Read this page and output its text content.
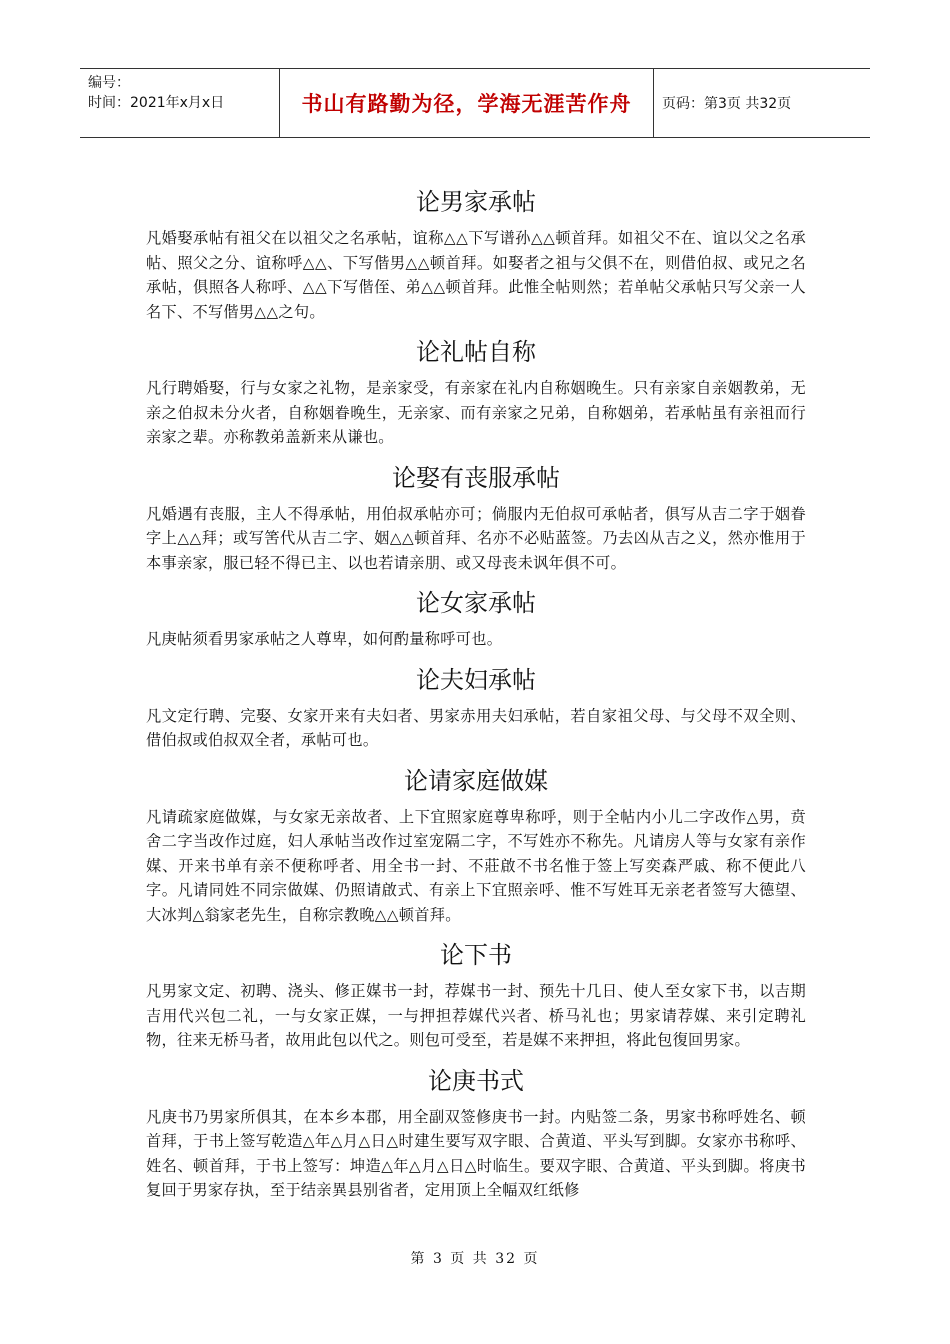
编号：
时间：2021年x月x日	书山有路勤为径，学海无涯苦作舟	页码：第3页 共32页
论男家承帖

凡婚娶承帖有祖父在以祖父之名承帖，谊称△△下写谱孙△△顿首拜。如祖父不在、谊以父之名承帖、照父之分、谊称呼△△、下写偕男△△顿首拜。如娶者之祖与父俱不在，则借伯叔、或兄之名承帖，俱照各人称呼、△△下写偕侄、弟△△顿首拜。此惟全帖则然；若单帖父承帖只写父亲一人名下、不写偕男△△之句。

论礼帖自称

凡行聘婚娶，行与女家之礼物，是亲家受，有亲家在礼内自称姻晚生。只有亲家自亲姻教弟，无亲之伯叔未分火者，自称姻眷晚生，无亲家、而有亲家之兄弟，自称姻弟，若承帖虽有亲祖而行亲家之辈。亦称教弟盖新来从谦也。

论娶有丧服承帖

凡婚遇有丧服，主人不得承帖，用伯叔承帖亦可；倘服内无伯叔可承帖者，俱写从吉二字于姻眷字上△△拜；或写筈代从吉二字、姻△△顿首拜、名亦不必贴蓝签。乃去凶从吉之义，然亦惟用于本事亲家，服已轻不得已主、以也若请亲朋、或又母丧未讽年俱不可。

论女家承帖

凡庚帖须看男家承帖之人尊卑，如何酌量称呼可也。

论夫妇承帖

凡文定行聘、完娶、女家开来有夫妇者、男家赤用夫妇承帖，若自家祖父母、与父母不双全则、借伯叔或伯叔双全者，承帖可也。

论请家庭做媒

凡请疏家庭做媒，与女家无亲故者、上下宜照家庭尊卑称呼，则于全帖内小儿二字改作△男，贲舍二字当改作过庭，妇人承帖当改作过室宠隔二字，不写姓亦不称先。凡请房人等与女家有亲作媒、开来书单有亲不便称呼者、用全书一封、不莊啟不书名惟于签上写奕森严戚、称不便此八字。凡请同姓不同宗做媒、仍照请啟式、有亲上下宜照亲呼、惟不写姓耳无亲老者签写大德望、大冰判△翁家老先生，自称宗教晚△△顿首拜。

论下书

凡男家文定、初聘、浇头、修正媒书一封，荐媒书一封、预先十几日、使人至女家下书，以吉期吉用代兴包二礼，一与女家正媒，一与押担荐媒代兴者、桥马礼也；男家请荐媒、来引定聘礼物，往来无桥马者，故用此包以代之。则包可受至，若是媒不来押担，将此包復回男家。

论庚书式

凡庚书乃男家所俱其，在本乡本郡，用全副双签修庚书一封。内贴签二条，男家书称呼姓名、顿首拜，于书上签写乾造△年△月△日△时建生要写双字眼、合黄道、平头写到脚。女家亦书称呼、姓名、顿首拜，于书上签写：坤造△年△月△日△时临生。要双字眼、合黄道、平头到脚。将庚书复回于男家存执，至于结亲異县别省者，定用顶上全幅双红纸修

第 3 页 共 32 页
